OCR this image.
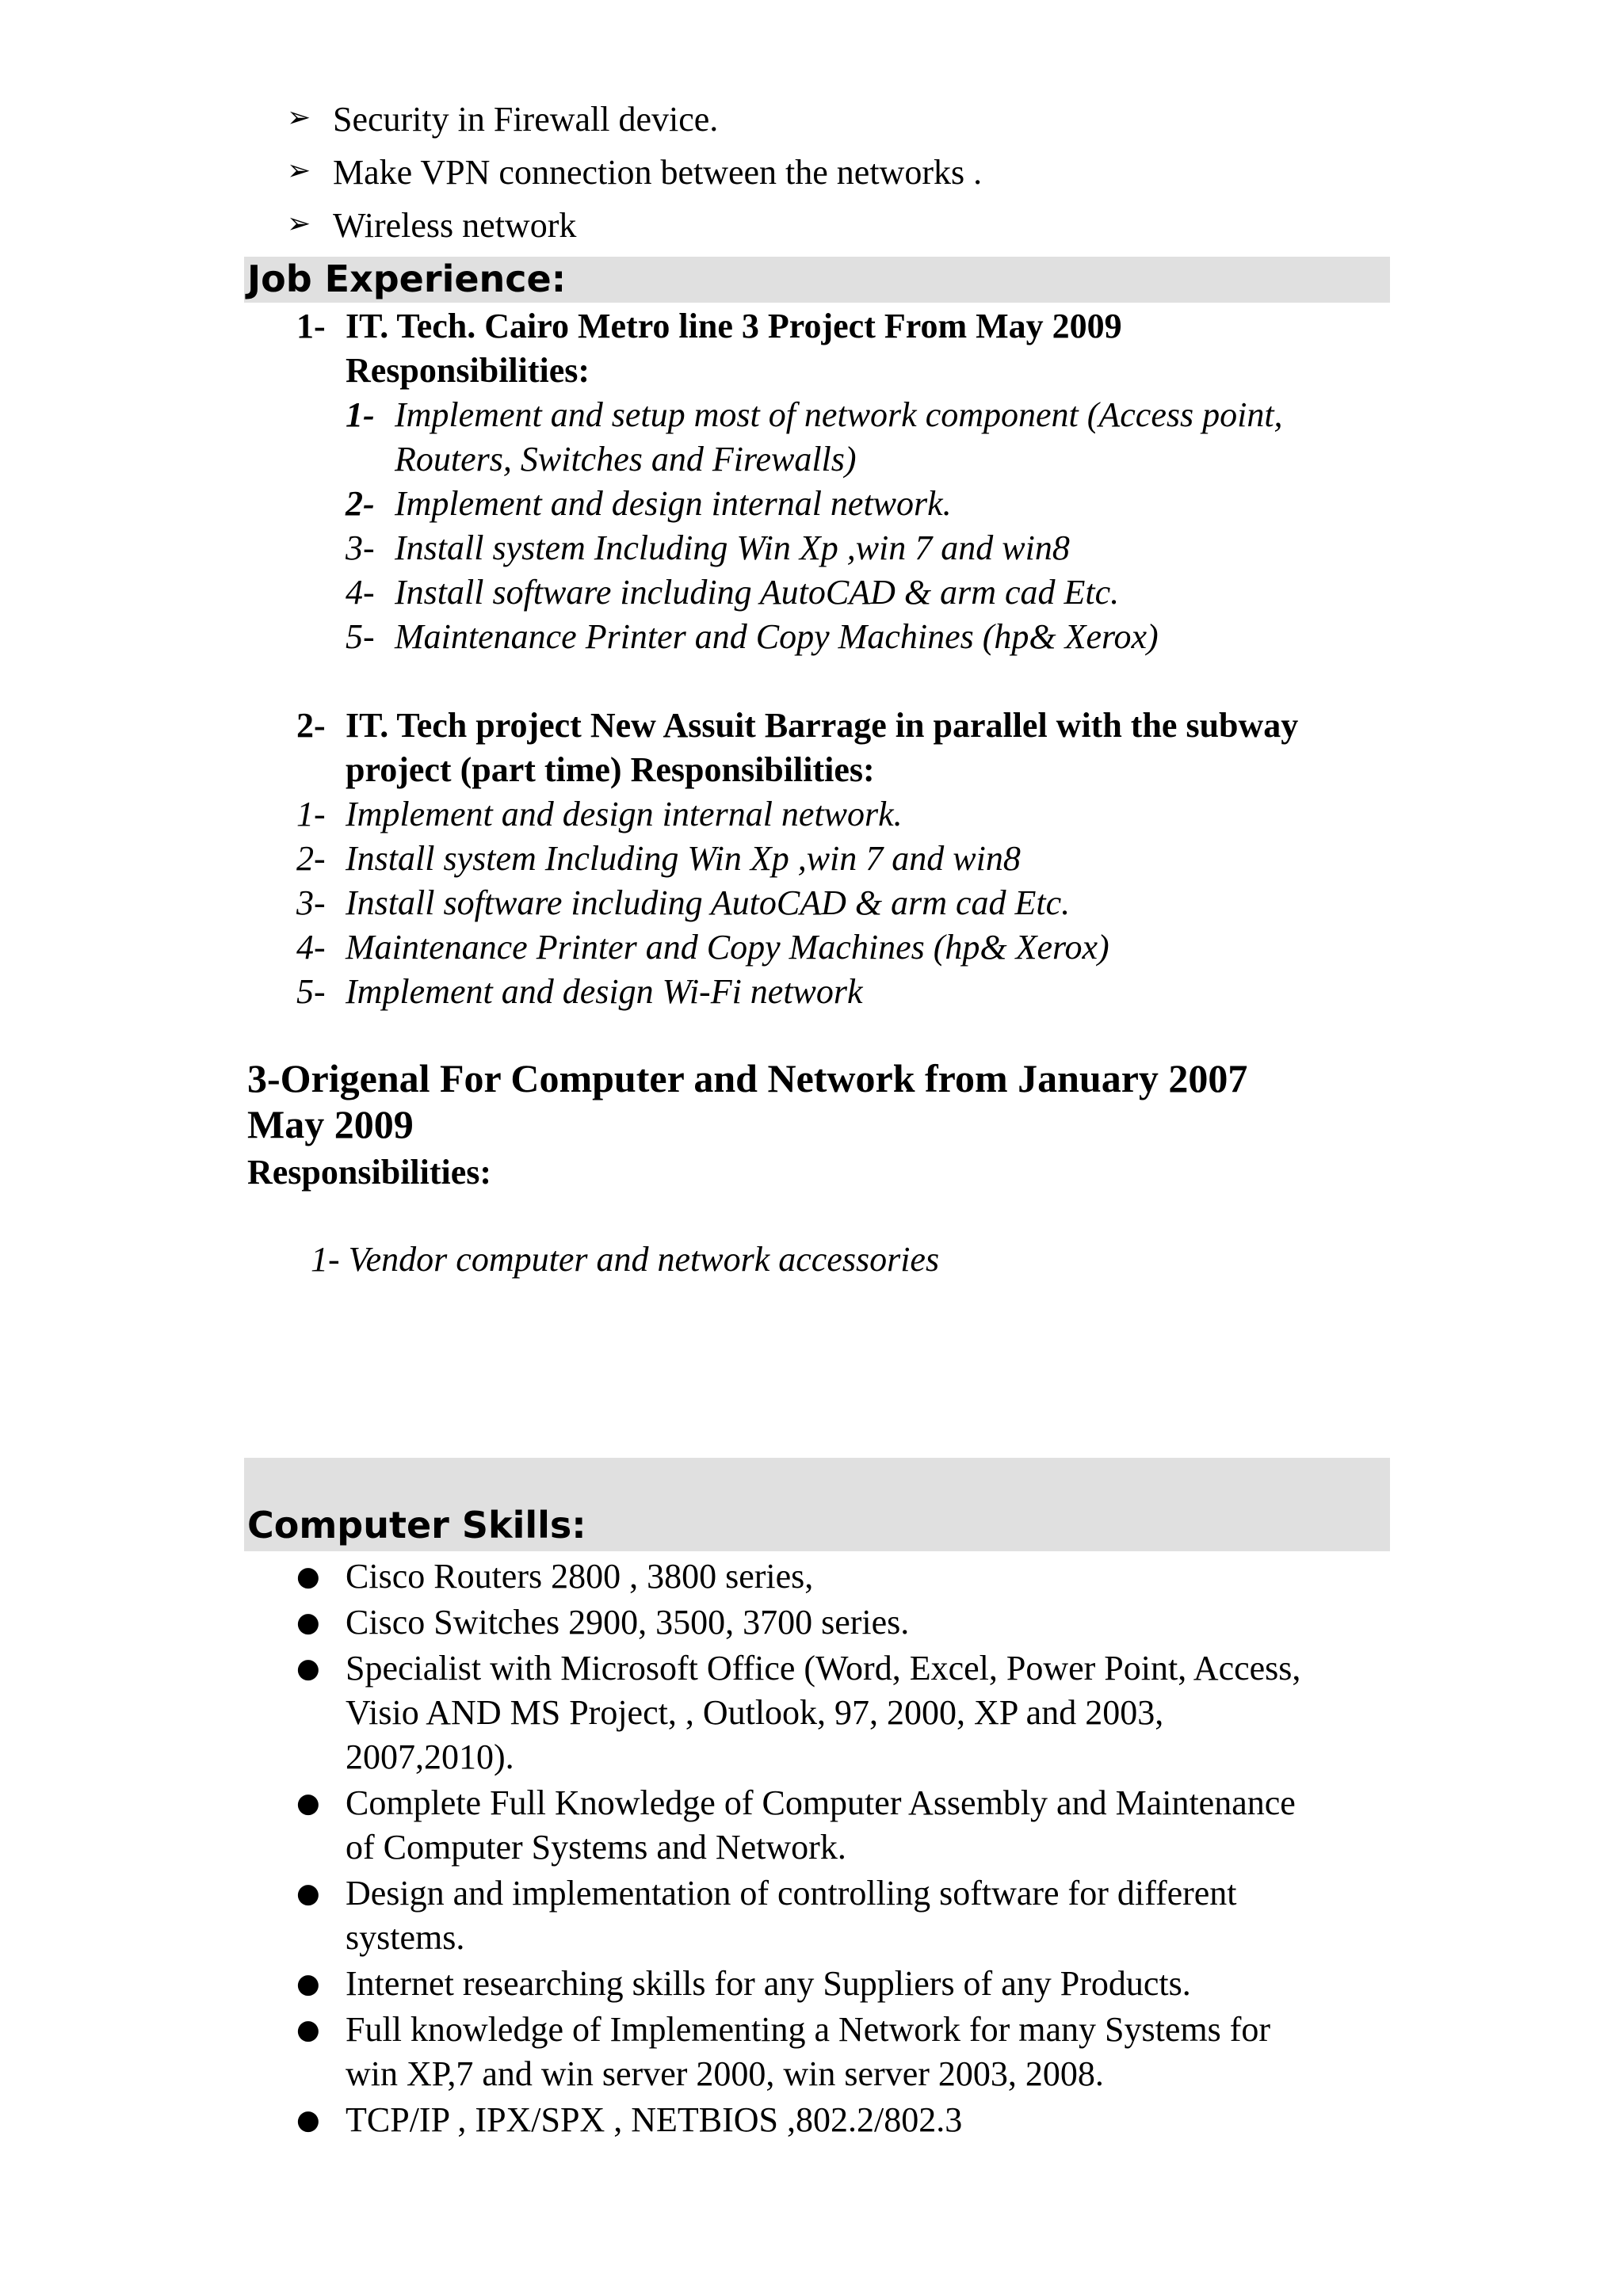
➢ Security in Firewall device.
➢ Make VPN connection between the networks .
➢ Wireless network
Job Experience:
1- IT. Tech. Cairo Metro line 3 Project From May 2009
Responsibilities:
1- Implement and setup most of network component (Access point,
Routers, Switches and Firewalls)
2- Implement and design internal network.
3- Install system Including Win Xp ,win 7 and win8
4- Install software including AutoCAD & arm cad Etc.
5- Maintenance Printer and Copy Machines (hp& Xerox)
2- IT. Tech project New Assuit Barrage in parallel with the subway
project (part time) Responsibilities:
1- Implement and design internal network.
2- Install system Including Win Xp ,win 7 and win8
3- Install software including AutoCAD & arm cad Etc.
4- Maintenance Printer and Copy Machines (hp& Xerox)
5- Implement and design Wi-Fi network
3-Origenal For Computer and Network from January 2007
May 2009
Responsibilities:
1- Vendor computer and network accessories
Computer Skills:
● Cisco Routers 2800 , 3800 series,
● Cisco Switches 2900, 3500, 3700 series.
● Specialist with Microsoft Office (Word, Excel, Power Point, Access,
Visio AND MS Project, , Outlook, 97, 2000, XP and 2003,
2007,2010).
● Complete Full Knowledge of Computer Assembly and Maintenance
of Computer Systems and Network.
● Design and implementation of controlling software for different
systems.
● Internet researching skills for any Suppliers of any Products.
● Full knowledge of Implementing a Network for many Systems for
win XP,7 and win server 2000, win server 2003, 2008.
● TCP/IP , IPX/SPX , NETBIOS ,802.2/802.3
